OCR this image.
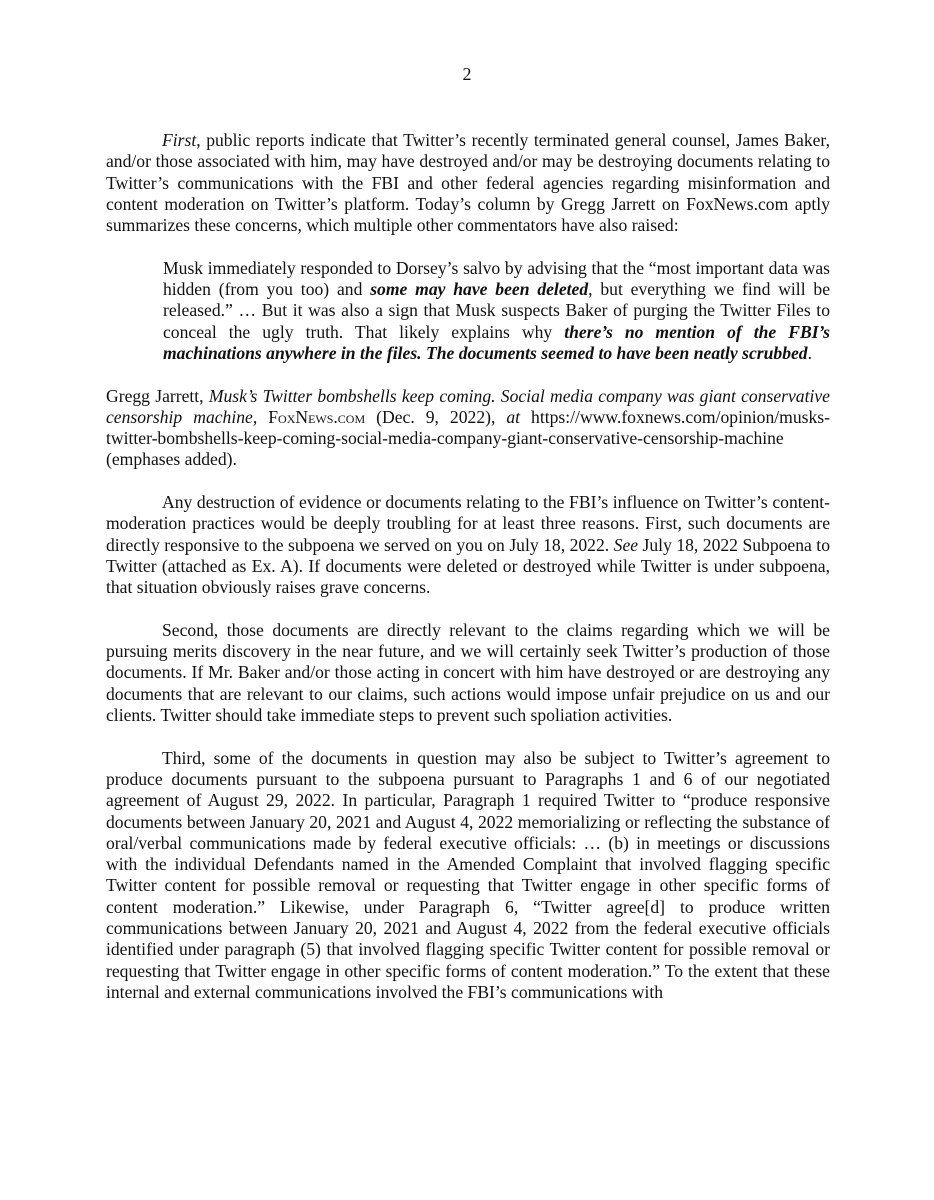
2

First, public reports indicate that Twitter’s recently terminated general counsel, James Baker, and/or those associated with him, may have destroyed and/or may be destroying documents relating to Twitter’s communications with the FBI and other federal agencies regarding misinformation and content moderation on Twitter’s platform. Today’s column by Gregg Jarrett on FoxNews.com aptly summarizes these concerns, which multiple other commentators have also raised:

Musk immediately responded to Dorsey’s salvo by advising that the “most important data was hidden (from you too) and some may have been deleted, but everything we find will be released.” … But it was also a sign that Musk suspects Baker of purging the Twitter Files to conceal the ugly truth. That likely explains why there’s no mention of the FBI’s machinations anywhere in the files. The documents seemed to have been neatly scrubbed.

Gregg Jarrett, Musk’s Twitter bombshells keep coming. Social media company was giant conservative censorship machine, FoxNews.com (Dec. 9, 2022), at https://www.foxnews.com/opinion/musks-twitter-bombshells-keep-coming-social-media-company-giant-conservative-censorship-machine (emphases added).

Any destruction of evidence or documents relating to the FBI’s influence on Twitter’s content-moderation practices would be deeply troubling for at least three reasons. First, such documents are directly responsive to the subpoena we served on you on July 18, 2022. See July 18, 2022 Subpoena to Twitter (attached as Ex. A). If documents were deleted or destroyed while Twitter is under subpoena, that situation obviously raises grave concerns.

Second, those documents are directly relevant to the claims regarding which we will be pursuing merits discovery in the near future, and we will certainly seek Twitter’s production of those documents. If Mr. Baker and/or those acting in concert with him have destroyed or are destroying any documents that are relevant to our claims, such actions would impose unfair prejudice on us and our clients. Twitter should take immediate steps to prevent such spoliation activities.

Third, some of the documents in question may also be subject to Twitter’s agreement to produce documents pursuant to the subpoena pursuant to Paragraphs 1 and 6 of our negotiated agreement of August 29, 2022. In particular, Paragraph 1 required Twitter to “produce responsive documents between January 20, 2021 and August 4, 2022 memorializing or reflecting the substance of oral/verbal communications made by federal executive officials: … (b) in meetings or discussions with the individual Defendants named in the Amended Complaint that involved flagging specific Twitter content for possible removal or requesting that Twitter engage in other specific forms of content moderation.” Likewise, under Paragraph 6, “Twitter agree[d] to produce written communications between January 20, 2021 and August 4, 2022 from the federal executive officials identified under paragraph (5) that involved flagging specific Twitter content for possible removal or requesting that Twitter engage in other specific forms of content moderation.” To the extent that these internal and external communications involved the FBI’s communications with
